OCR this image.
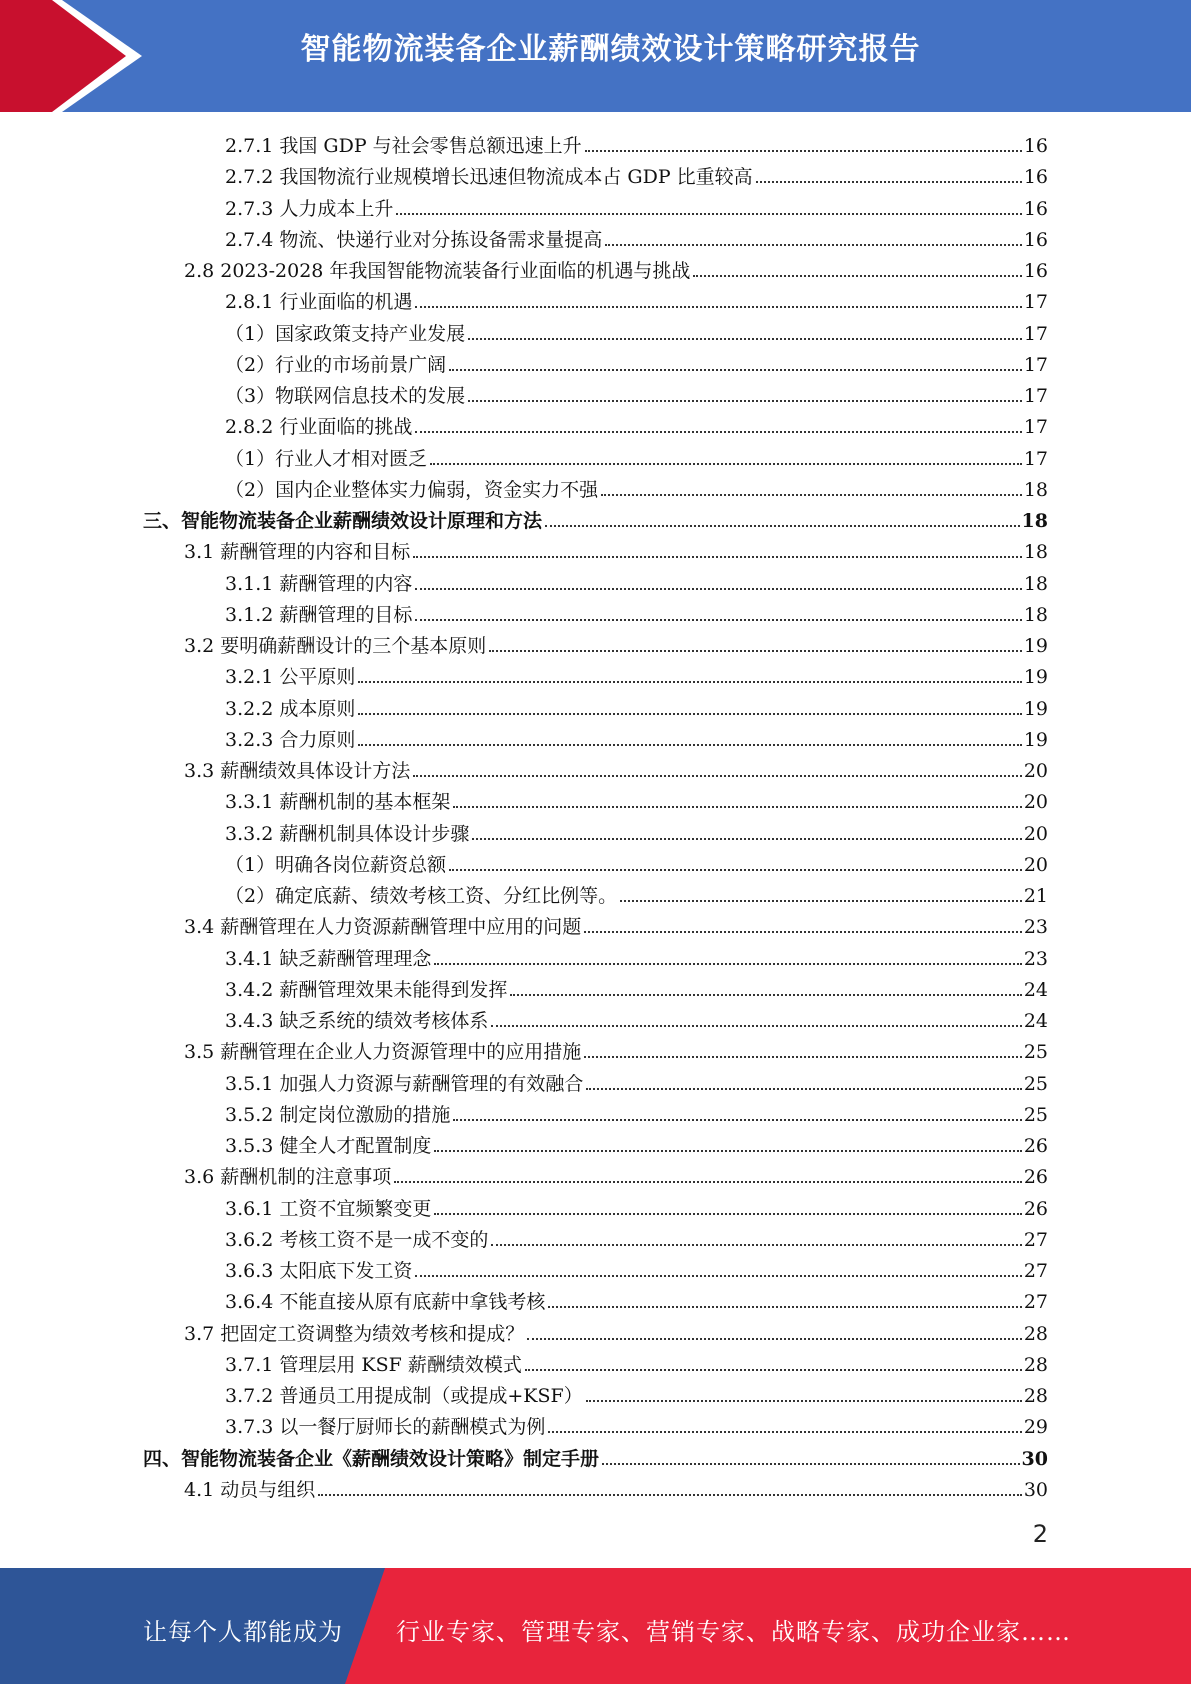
智能物流装备企业薪酬绩效设计策略研究报告
2.7.1 我国 GDP 与社会零售总额迅速上升	16
2.7.2 我国物流行业规模增长迅速但物流成本占 GDP 比重较高	16
2.7.3 人力成本上升	16
2.7.4 物流、快递行业对分拣设备需求量提高	16
2.8 2023-2028 年我国智能物流装备行业面临的机遇与挑战	16
2.8.1 行业面临的机遇	17
（1）国家政策支持产业发展	17
（2）行业的市场前景广阔	17
（3）物联网信息技术的发展	17
2.8.2 行业面临的挑战	17
（1）行业人才相对匮乏	17
（2）国内企业整体实力偏弱，资金实力不强	18
三、智能物流装备企业薪酬绩效设计原理和方法	18
3.1 薪酬管理的内容和目标	18
3.1.1 薪酬管理的内容	18
3.1.2 薪酬管理的目标	18
3.2 要明确薪酬设计的三个基本原则	19
3.2.1 公平原则	19
3.2.2 成本原则	19
3.2.3 合力原则	19
3.3 薪酬绩效具体设计方法	20
3.3.1 薪酬机制的基本框架	20
3.3.2 薪酬机制具体设计步骤	20
（1）明确各岗位薪资总额	20
（2）确定底薪、绩效考核工资、分红比例等。	21
3.4 薪酬管理在人力资源薪酬管理中应用的问题	23
3.4.1 缺乏薪酬管理理念	23
3.4.2 薪酬管理效果未能得到发挥	24
3.4.3 缺乏系统的绩效考核体系	24
3.5 薪酬管理在企业人力资源管理中的应用措施	25
3.5.1 加强人力资源与薪酬管理的有效融合	25
3.5.2 制定岗位激励的措施	25
3.5.3 健全人才配置制度	26
3.6 薪酬机制的注意事项	26
3.6.1 工资不宜频繁变更	26
3.6.2 考核工资不是一成不变的	27
3.6.3 太阳底下发工资	27
3.6.4 不能直接从原有底薪中拿钱考核	27
3.7 把固定工资调整为绩效考核和提成？	28
3.7.1 管理层用 KSF 薪酬绩效模式	28
3.7.2 普通员工用提成制（或提成+KSF）	28
3.7.3 以一餐厅厨师长的薪酬模式为例	29
四、智能物流装备企业《薪酬绩效设计策略》制定手册	30
4.1 动员与组织	30
2
让每个人都能成为 行业专家、管理专家、营销专家、战略专家、成功企业家……
